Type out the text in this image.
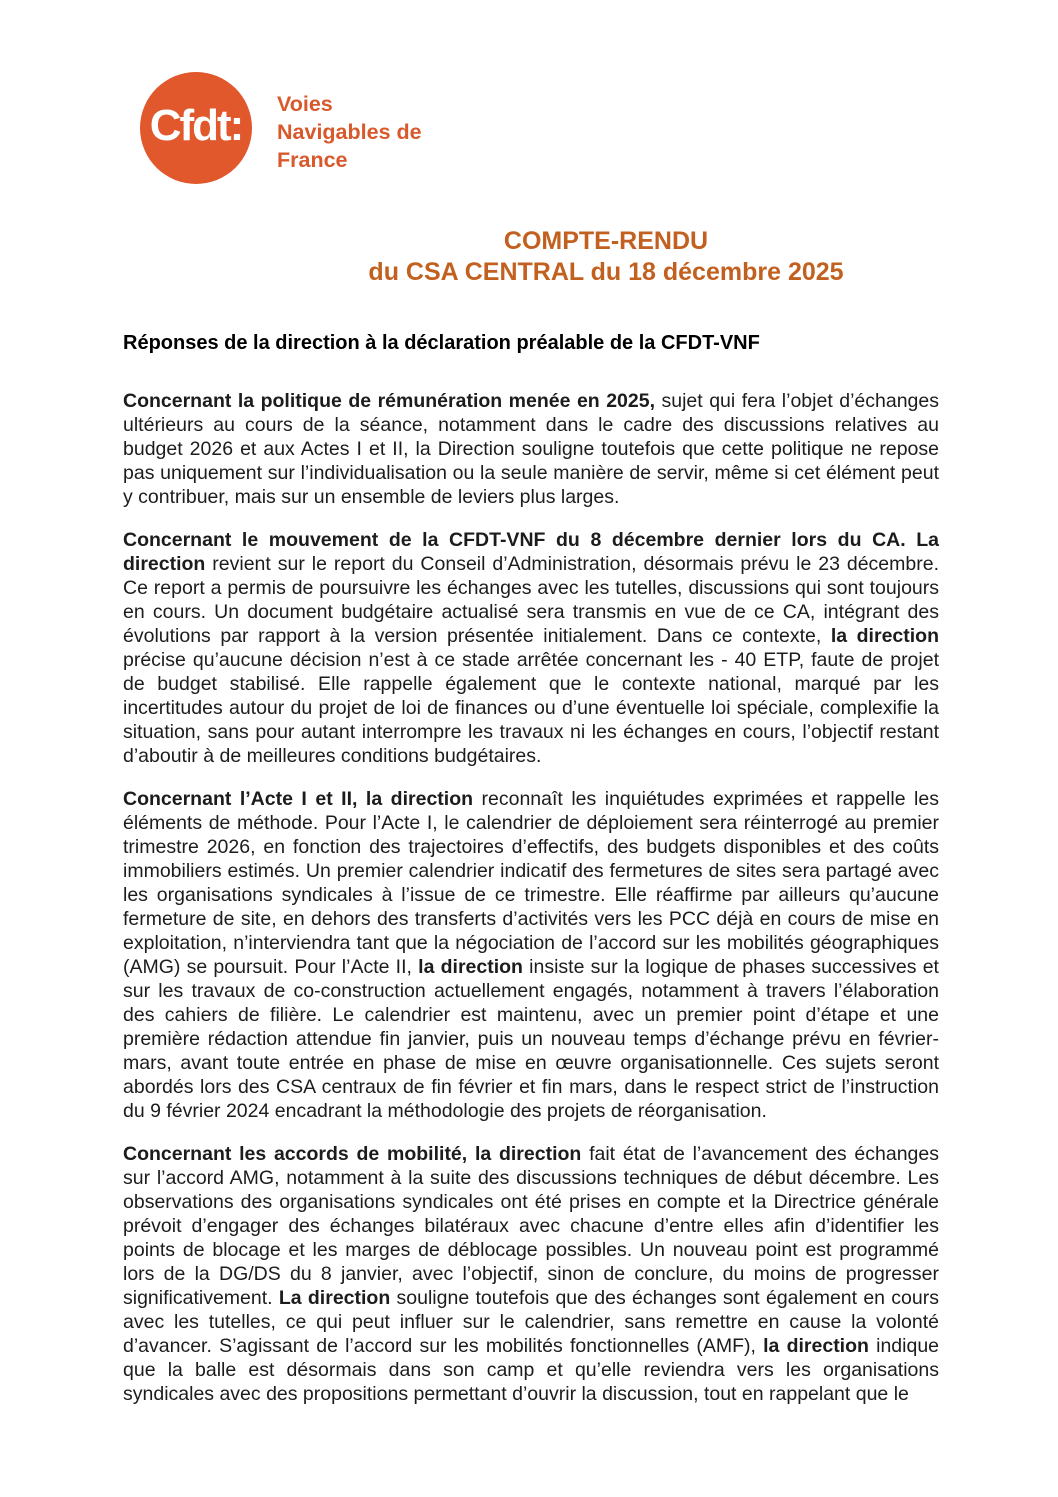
Cfdt: Voies
Navigables de
France
COMPTE-RENDU
du CSA CENTRAL du 18 décembre 2025
Réponses de la direction à la déclaration préalable de la CFDT-VNF

Concernant la politique de rémunération menée en 2025, sujet qui fera l’objet d’échanges ultérieurs au cours de la séance, notamment dans le cadre des discussions relatives au budget 2026 et aux Actes I et II, la Direction souligne toutefois que cette politique ne repose pas uniquement sur l’individualisation ou la seule manière de servir, même si cet élément peut y contribuer, mais sur un ensemble de leviers plus larges.

Concernant le mouvement de la CFDT-VNF du 8 décembre dernier lors du CA. La direction revient sur le report du Conseil d’Administration, désormais prévu le 23 décembre. Ce report a permis de poursuivre les échanges avec les tutelles, discussions qui sont toujours en cours. Un document budgétaire actualisé sera transmis en vue de ce CA, intégrant des évolutions par rapport à la version présentée initialement. Dans ce contexte, la direction précise qu’aucune décision n’est à ce stade arrêtée concernant les - 40 ETP, faute de projet de budget stabilisé. Elle rappelle également que le contexte national, marqué par les incertitudes autour du projet de loi de finances ou d’une éventuelle loi spéciale, complexifie la situation, sans pour autant interrompre les travaux ni les échanges en cours, l’objectif restant d’aboutir à de meilleures conditions budgétaires.

Concernant l’Acte I et II, la direction reconnaît les inquiétudes exprimées et rappelle les éléments de méthode. Pour l’Acte I, le calendrier de déploiement sera réinterrogé au premier trimestre 2026, en fonction des trajectoires d’effectifs, des budgets disponibles et des coûts immobiliers estimés. Un premier calendrier indicatif des fermetures de sites sera partagé avec les organisations syndicales à l’issue de ce trimestre. Elle réaffirme par ailleurs qu’aucune fermeture de site, en dehors des transferts d’activités vers les PCC déjà en cours de mise en exploitation, n’interviendra tant que la négociation de l’accord sur les mobilités géographiques (AMG) se poursuit. Pour l’Acte II, la direction insiste sur la logique de phases successives et sur les travaux de co-construction actuellement engagés, notamment à travers l’élaboration des cahiers de filière. Le calendrier est maintenu, avec un premier point d’étape et une première rédaction attendue fin janvier, puis un nouveau temps d’échange prévu en février-mars, avant toute entrée en phase de mise en œuvre organisationnelle. Ces sujets seront abordés lors des CSA centraux de fin février et fin mars, dans le respect strict de l’instruction du 9 février 2024 encadrant la méthodologie des projets de réorganisation.

Concernant les accords de mobilité, la direction fait état de l’avancement des échanges sur l’accord AMG, notamment à la suite des discussions techniques de début décembre. Les observations des organisations syndicales ont été prises en compte et la Directrice générale prévoit d’engager des échanges bilatéraux avec chacune d’entre elles afin d’identifier les points de blocage et les marges de déblocage possibles. Un nouveau point est programmé lors de la DG/DS du 8 janvier, avec l’objectif, sinon de conclure, du moins de progresser significativement. La direction souligne toutefois que des échanges sont également en cours avec les tutelles, ce qui peut influer sur le calendrier, sans remettre en cause la volonté d’avancer. S’agissant de l’accord sur les mobilités fonctionnelles (AMF), la direction indique que la balle est désormais dans son camp et qu’elle reviendra vers les organisations syndicales avec des propositions permettant d’ouvrir la discussion, tout en rappelant que le
